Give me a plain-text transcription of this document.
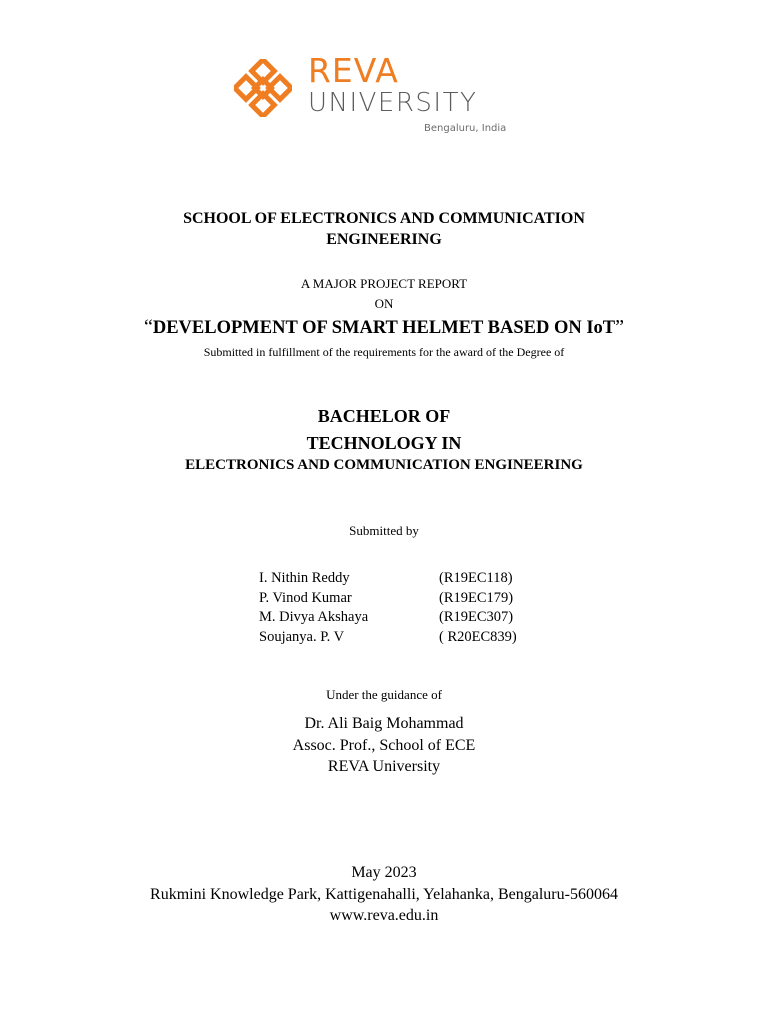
REVA
UNIVERSITY
Bengaluru, India
SCHOOL OF ELECTRONICS AND COMMUNICATION
ENGINEERING
A MAJOR PROJECT REPORT
ON
“DEVELOPMENT OF SMART HELMET BASED ON IoT”
Submitted in fulfillment of the requirements for the award of the Degree of
BACHELOR OF
TECHNOLOGY IN
ELECTRONICS AND COMMUNICATION ENGINEERING
Submitted by
I. Nithin Reddy	(R19EC118)
P. Vinod Kumar	(R19EC179)
M. Divya Akshaya	(R19EC307)
Soujanya. P. V	( R20EC839)
Under the guidance of
Dr. Ali Baig Mohammad
Assoc. Prof., School of ECE
REVA University
May 2023
Rukmini Knowledge Park, Kattigenahalli, Yelahanka, Bengaluru-560064
www.reva.edu.in
